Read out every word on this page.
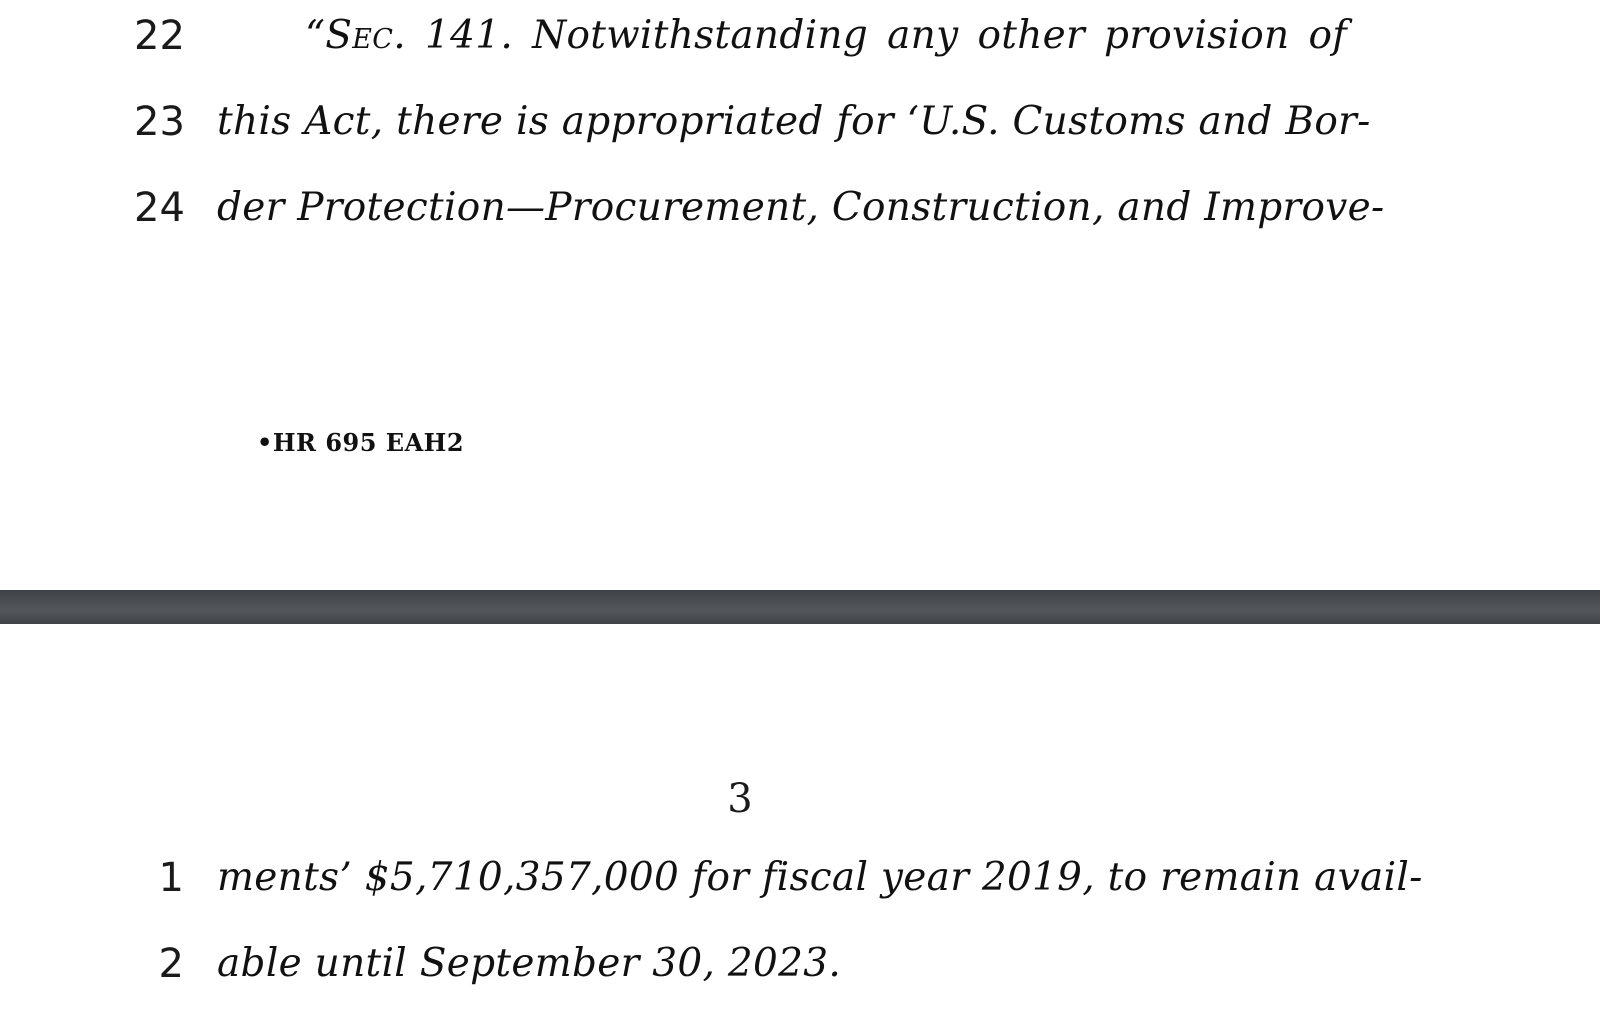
22	“Sec. 141. Notwithstanding any other provision of
23 this Act, there is appropriated for ‘U.S. Customs and Bor-
24 der Protection—Procurement, Construction, and Improve-
•HR 695 EAH2
3
1 ments’ $5,710,357,000 for fiscal year 2019, to remain avail-
2 able until September 30, 2023.
